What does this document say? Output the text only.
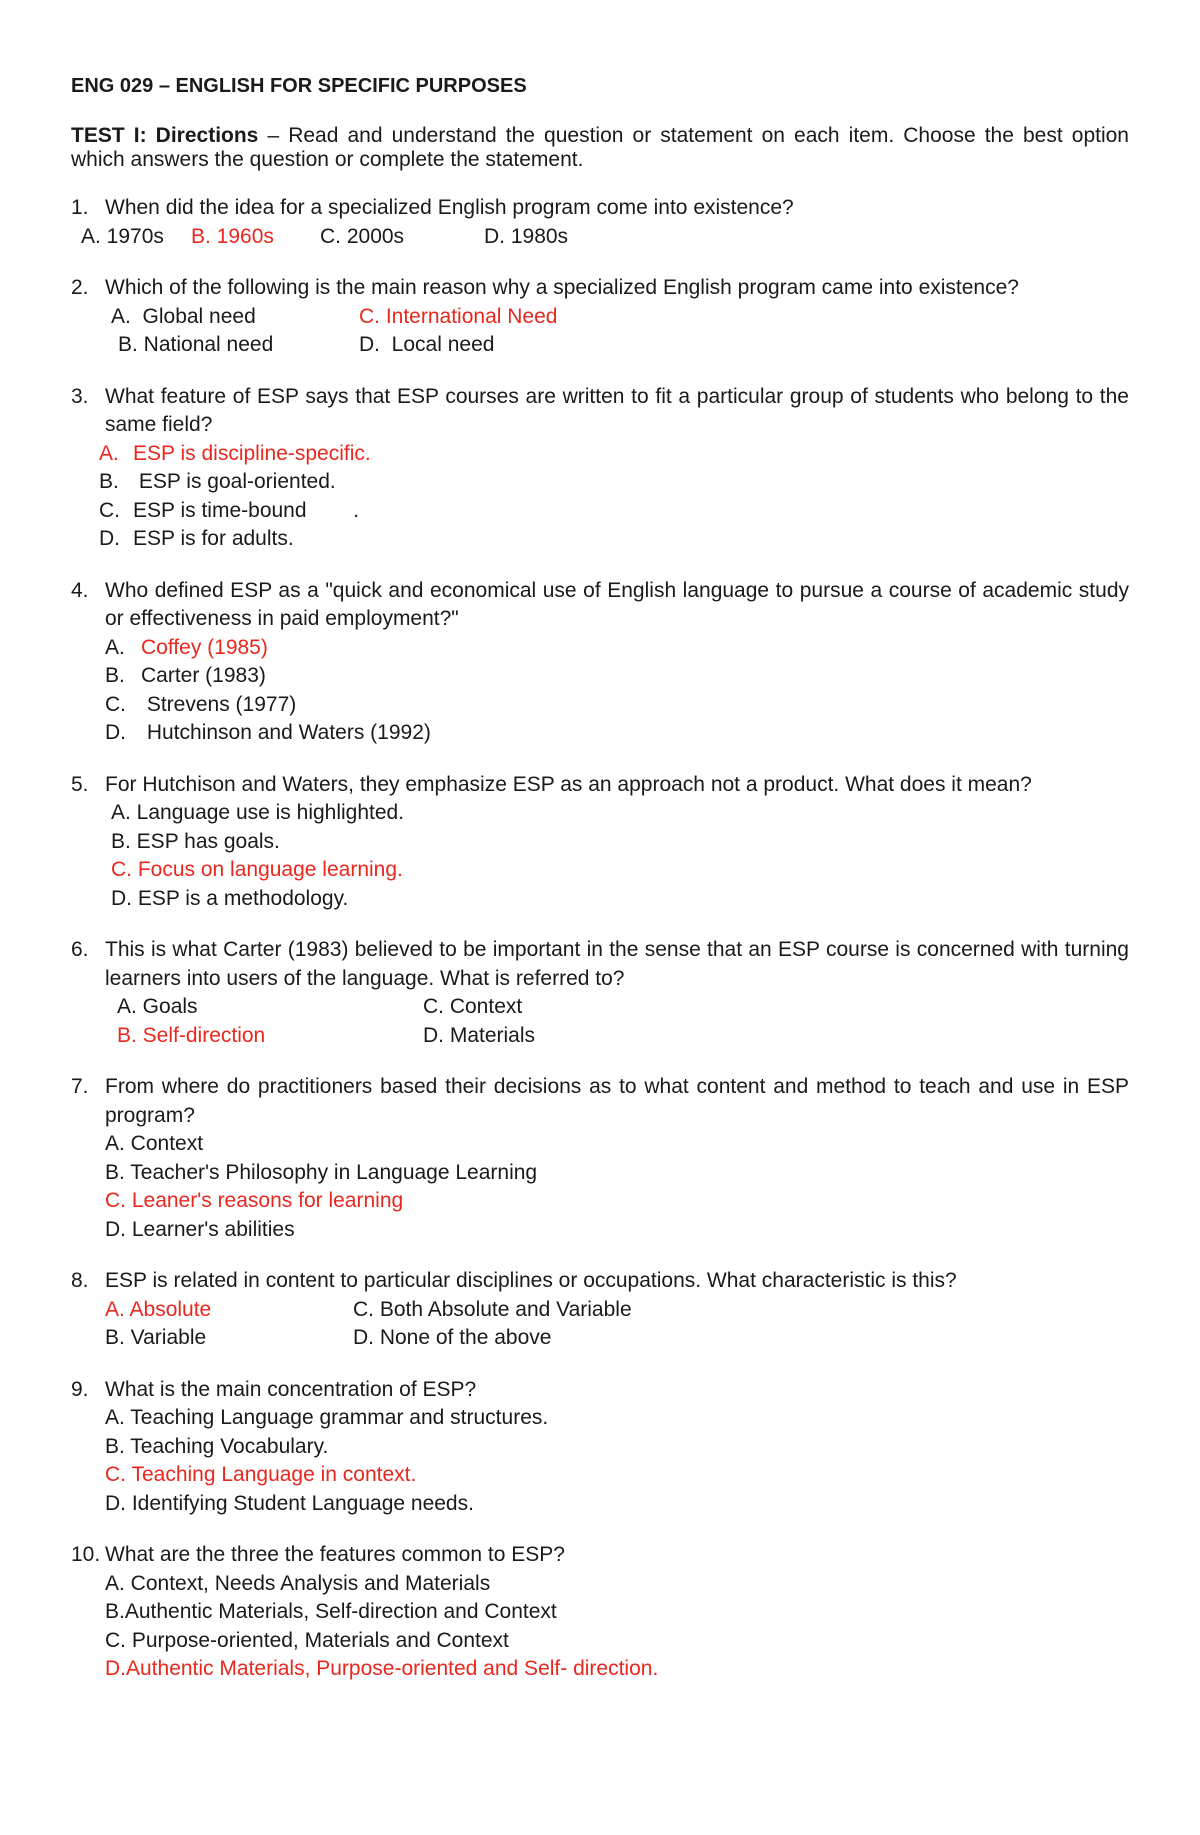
ENG 029 – ENGLISH FOR SPECIFIC PURPOSES
TEST I: Directions – Read and understand the question or statement on each item. Choose the best option which answers the question or complete the statement.
1. When did the idea for a specialized English program come into existence?
A. 1970s	B. 1960s	C. 2000s	D. 1980s
2. Which of the following is the main reason why a specialized English program came into existence?
A.  Global need	C. International Need
B. National need	D.  Local need
3. What feature of ESP says that ESP courses are written to fit a particular group of students who belong to the same field?
A. ESP is discipline-specific.
B. ESP is goal-oriented.
C. ESP is time-bound        .
D. ESP is for adults.
4. Who defined ESP as a "quick and economical use of English language to pursue a course of academic study or effectiveness in paid employment?"
A. Coffey (1985)
B. Carter (1983)
C. Strevens (1977)
D. Hutchinson and Waters (1992)
5. For Hutchison and Waters, they emphasize ESP as an approach not a product. What does it mean?
A. Language use is highlighted.
B. ESP has goals.
C. Focus on language learning.
D. ESP is a methodology.
6. This is what Carter (1983) believed to be important in the sense that an ESP course is concerned with turning learners into users of the language. What is referred to?
A. Goals	C. Context
B. Self-direction	D. Materials
7. From where do practitioners based their decisions as to what content and method to teach and use in ESP program?
A. Context
B. Teacher's Philosophy in Language Learning
C. Leaner's reasons for learning
D. Learner's abilities
8. ESP is related in content to particular disciplines or occupations. What characteristic is this?
A. Absolute	C. Both Absolute and Variable
B. Variable	D. None of the above
9. What is the main concentration of ESP?
A. Teaching Language grammar and structures.
B. Teaching Vocabulary.
C. Teaching Language in context.
D. Identifying Student Language needs.
10. What are the three the features common to ESP?
A. Context, Needs Analysis and Materials
B.Authentic Materials, Self-direction and Context
C. Purpose-oriented, Materials and Context
D.Authentic Materials, Purpose-oriented and Self- direction.
